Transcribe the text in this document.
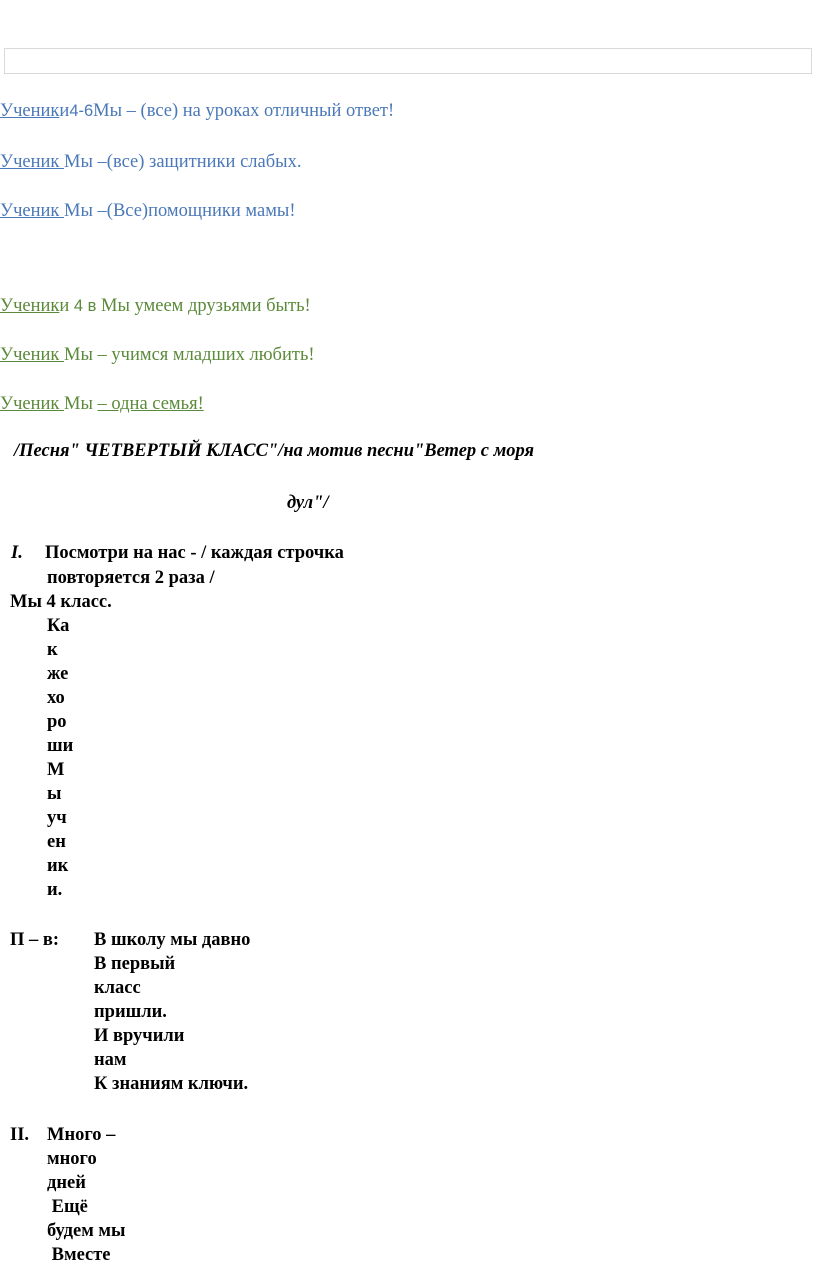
Ученики4-6Мы – (все) на уроках отличный ответ!
Ученик Мы –(все) защитники слабых.
Ученик Мы –(Все)помощники мамы!
Ученики 4 в Мы умеем друзьями быть!
Ученик Мы – учимся младших любить!
Ученик Мы – одна семья!
/Песня" ЧЕТВЕРТЫЙ КЛАСС"/на мотив песни"Ветер с моря
дул"/
I. Посмотри на нас - / каждая строчка
повторяется 2 раза /
Мы 4 класс.
Ка
к
же
хо
ро
ши
М
ы
уч
ен
ик
и.
П – в: В школу мы давно
В первый
класс
пришли.
И вручили
нам
К знаниям ключи.
II. Много –
много
дней
Ещё
будем мы
Вместе
